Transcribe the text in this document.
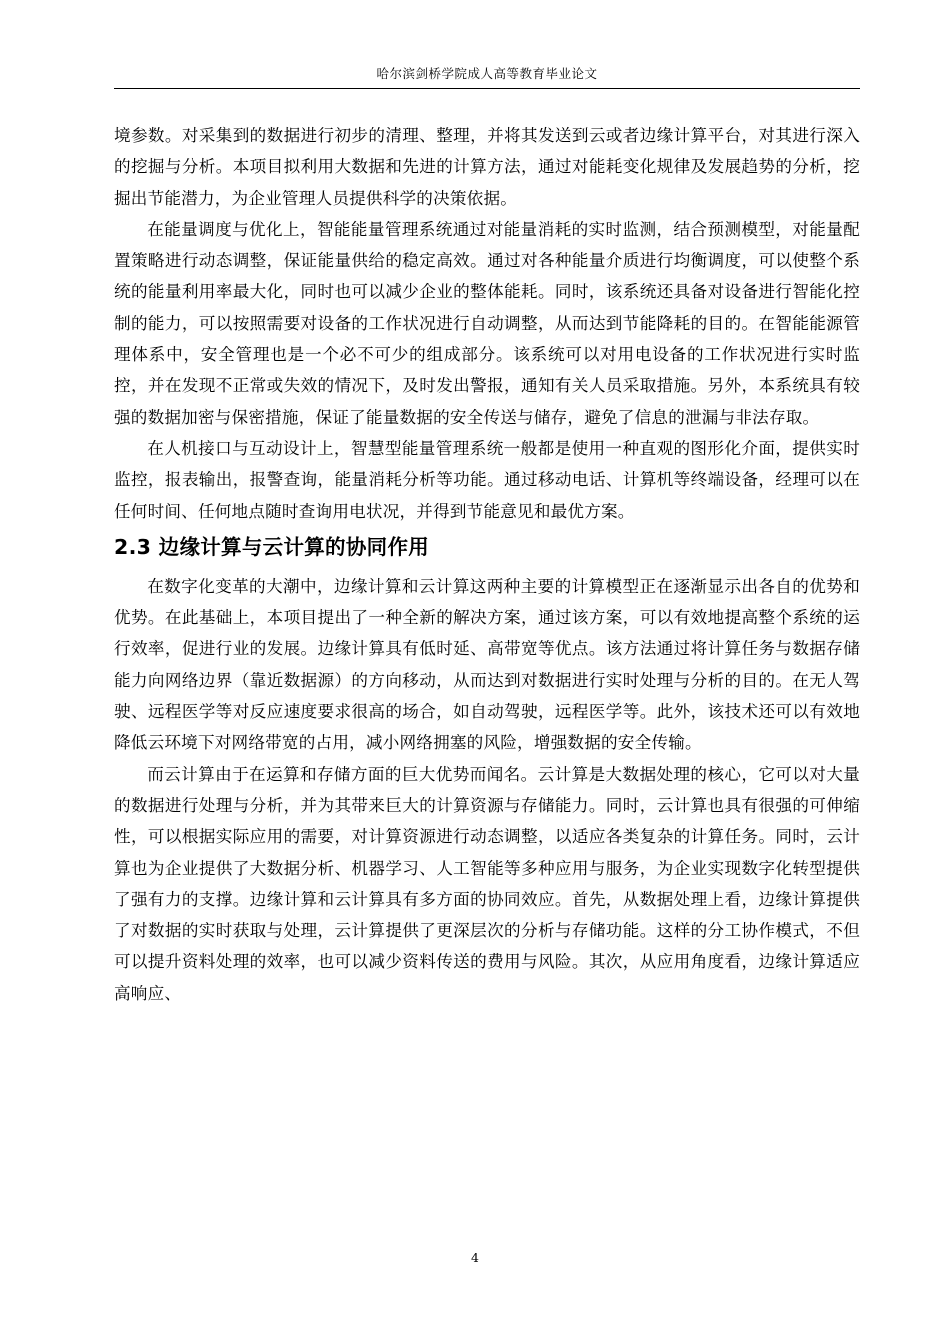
哈尔滨剑桥学院成人高等教育毕业论文

境参数。对采集到的数据进行初步的清理、整理，并将其发送到云或者边缘计算平台，对其进行深入的挖掘与分析。本项目拟利用大数据和先进的计算方法，通过对能耗变化规律及发展趋势的分析，挖掘出节能潜力，为企业管理人员提供科学的决策依据。

在能量调度与优化上，智能能量管理系统通过对能量消耗的实时监测，结合预测模型，对能量配置策略进行动态调整，保证能量供给的稳定高效。通过对各种能量介质进行均衡调度，可以使整个系统的能量利用率最大化，同时也可以减少企业的整体能耗。同时，该系统还具备对设备进行智能化控制的能力，可以按照需要对设备的工作状况进行自动调整，从而达到节能降耗的目的。在智能能源管理体系中，安全管理也是一个必不可少的组成部分。该系统可以对用电设备的工作状况进行实时监控，并在发现不正常或失效的情况下，及时发出警报，通知有关人员采取措施。另外，本系统具有较强的数据加密与保密措施，保证了能量数据的安全传送与储存，避免了信息的泄漏与非法存取。

在人机接口与互动设计上，智慧型能量管理系统一般都是使用一种直观的图形化介面，提供实时监控，报表输出，报警查询，能量消耗分析等功能。通过移动电话、计算机等终端设备，经理可以在任何时间、任何地点随时查询用电状况，并得到节能意见和最优方案。

2.3 边缘计算与云计算的协同作用

在数字化变革的大潮中，边缘计算和云计算这两种主要的计算模型正在逐渐显示出各自的优势和优势。在此基础上，本项目提出了一种全新的解决方案，通过该方案，可以有效地提高整个系统的运行效率，促进行业的发展。边缘计算具有低时延、高带宽等优点。该方法通过将计算任务与数据存储能力向网络边界（靠近数据源）的方向移动，从而达到对数据进行实时处理与分析的目的。在无人驾驶、远程医学等对反应速度要求很高的场合，如自动驾驶，远程医学等。此外，该技术还可以有效地降低云环境下对网络带宽的占用，减小网络拥塞的风险，增强数据的安全传输。

而云计算由于在运算和存储方面的巨大优势而闻名。云计算是大数据处理的核心，它可以对大量的数据进行处理与分析，并为其带来巨大的计算资源与存储能力。同时，云计算也具有很强的可伸缩性，可以根据实际应用的需要，对计算资源进行动态调整，以适应各类复杂的计算任务。同时，云计算也为企业提供了大数据分析、机器学习、人工智能等多种应用与服务，为企业实现数字化转型提供了强有力的支撑。边缘计算和云计算具有多方面的协同效应。首先，从数据处理上看，边缘计算提供了对数据的实时获取与处理，云计算提供了更深层次的分析与存储功能。这样的分工协作模式，不但可以提升资料处理的效率，也可以减少资料传送的费用与风险。其次，从应用角度看，边缘计算适应高响应、

4
